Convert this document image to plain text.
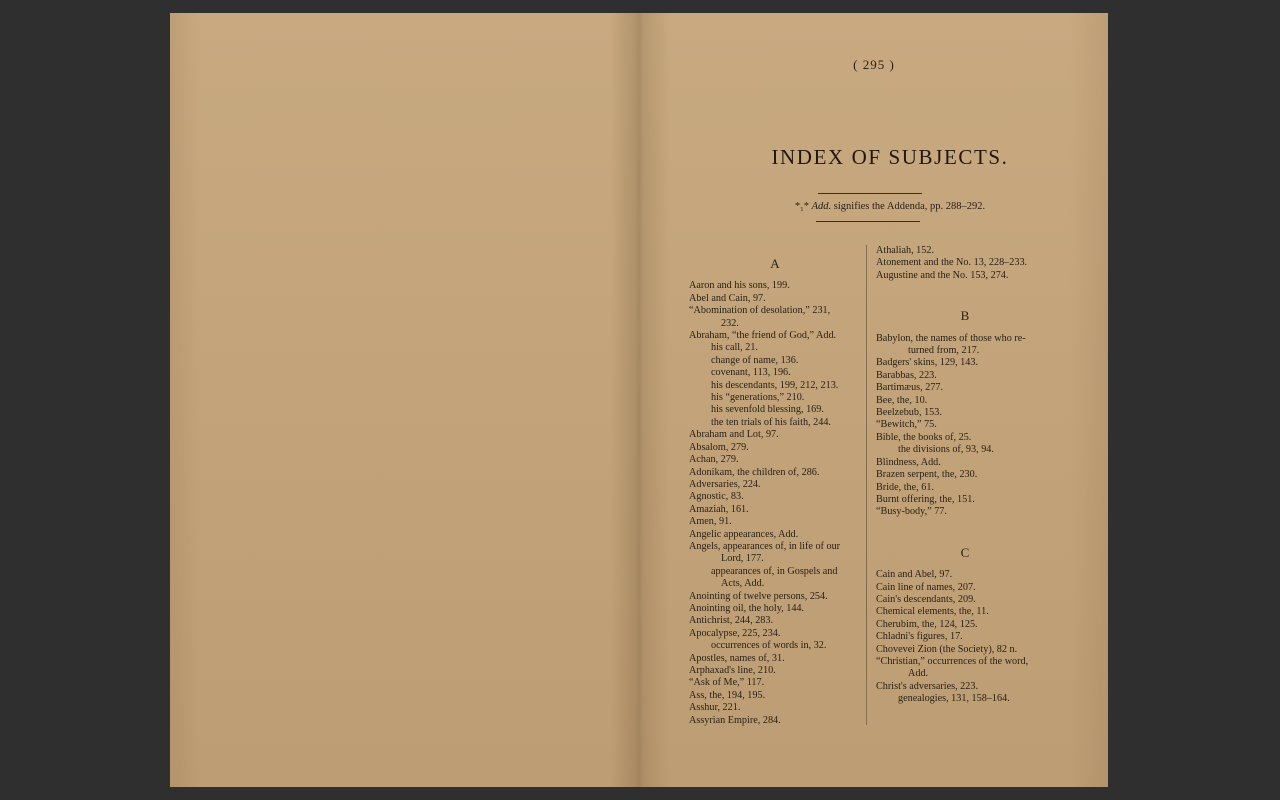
( 295 )
INDEX OF SUBJECTS.
*₁* Add. signifies the Addenda, pp. 288–292.
A
Aaron and his sons, 199.
Abel and Cain, 97.
“Abomination of desolation,” 231,
232.
Abraham, “the friend of God,” Add.
his call, 21.
change of name, 136.
covenant, 113, 196.
his descendants, 199, 212, 213.
his “generations,” 210.
his sevenfold blessing, 169.
the ten trials of his faith, 244.
Abraham and Lot, 97.
Absalom, 279.
Achan, 279.
Adonikam, the children of, 286.
Adversaries, 224.
Agnostic, 83.
Amaziah, 161.
Amen, 91.
Angelic appearances, Add.
Angels, appearances of, in life of our
Lord, 177.
appearances of, in Gospels and
Acts, Add.
Anointing of twelve persons, 254.
Anointing oil, the holy, 144.
Antichrist, 244, 283.
Apocalypse, 225, 234.
occurrences of words in, 32.
Apostles, names of, 31.
Arphaxad's line, 210.
“Ask of Me,” 117.
Ass, the, 194, 195.
Asshur, 221.
Assyrian Empire, 284.
Athaliah, 152.
Atonement and the No. 13, 228–233.
Augustine and the No. 153, 274.
B
Babylon, the names of those who re-
turned from, 217.
Badgers' skins, 129, 143.
Barabbas, 223.
Bartimæus, 277.
Bee, the, 10.
Beelzebub, 153.
“Bewitch,” 75.
Bible, the books of, 25.
the divisions of, 93, 94.
Blindness, Add.
Brazen serpent, the, 230.
Bride, the, 61.
Burnt offering, the, 151.
“Busy-body,” 77.
C
Cain and Abel, 97.
Cain line of names, 207.
Cain's descendants, 209.
Chemical elements, the, 11.
Cherubim, the, 124, 125.
Chladni's figures, 17.
Chovevei Zion (the Society), 82 n.
“Christian,” occurrences of the word,
Add.
Christ's adversaries, 223.
genealogies, 131, 158–164.
